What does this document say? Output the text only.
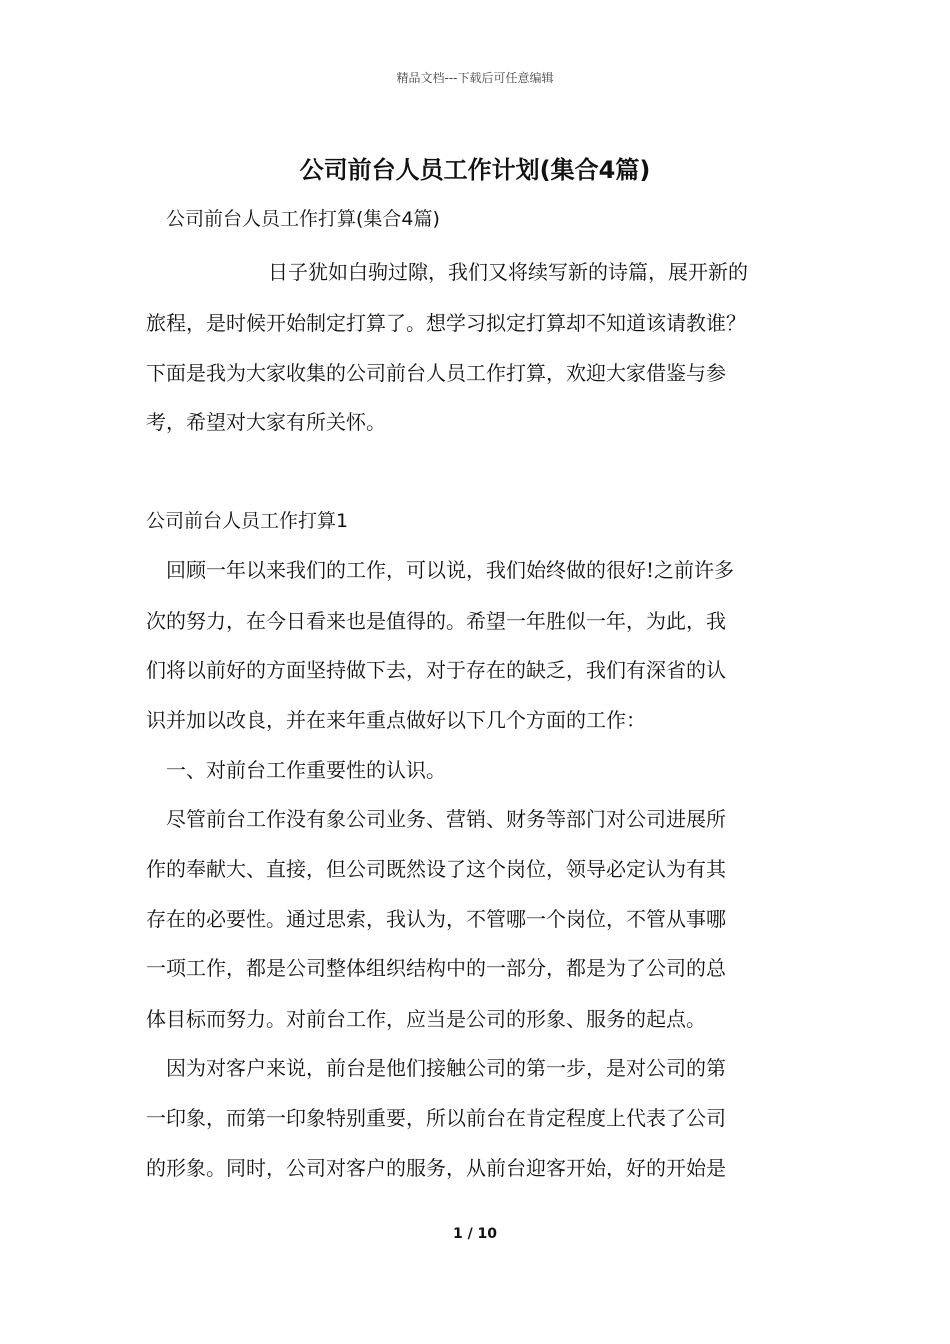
精品文档---下载后可任意编辑
公司前台人员工作计划(集合4篇)
公司前台人员工作打算(集合4篇)
日子犹如白驹过隙，我们又将续写新的诗篇，展开新的
旅程，是时候开始制定打算了。想学习拟定打算却不知道该请教谁？
下面是我为大家收集的公司前台人员工作打算，欢迎大家借鉴与参
考，希望对大家有所关怀。
公司前台人员工作打算1
回顾一年以来我们的工作，可以说，我们始终做的很好!之前许多
次的努力，在今日看来也是值得的。希望一年胜似一年，为此，我
们将以前好的方面坚持做下去，对于存在的缺乏，我们有深省的认
识并加以改良，并在来年重点做好以下几个方面的工作：
一、对前台工作重要性的认识。
尽管前台工作没有象公司业务、营销、财务等部门对公司进展所
作的奉献大、直接，但公司既然设了这个岗位，领导必定认为有其
存在的必要性。通过思索，我认为，不管哪一个岗位，不管从事哪
一项工作，都是公司整体组织结构中的一部分，都是为了公司的总
体目标而努力。对前台工作，应当是公司的形象、服务的起点。
因为对客户来说，前台是他们接触公司的第一步，是对公司的第
一印象，而第一印象特别重要，所以前台在肯定程度上代表了公司
的形象。同时，公司对客户的服务，从前台迎客开始，好的开始是
1 / 10
